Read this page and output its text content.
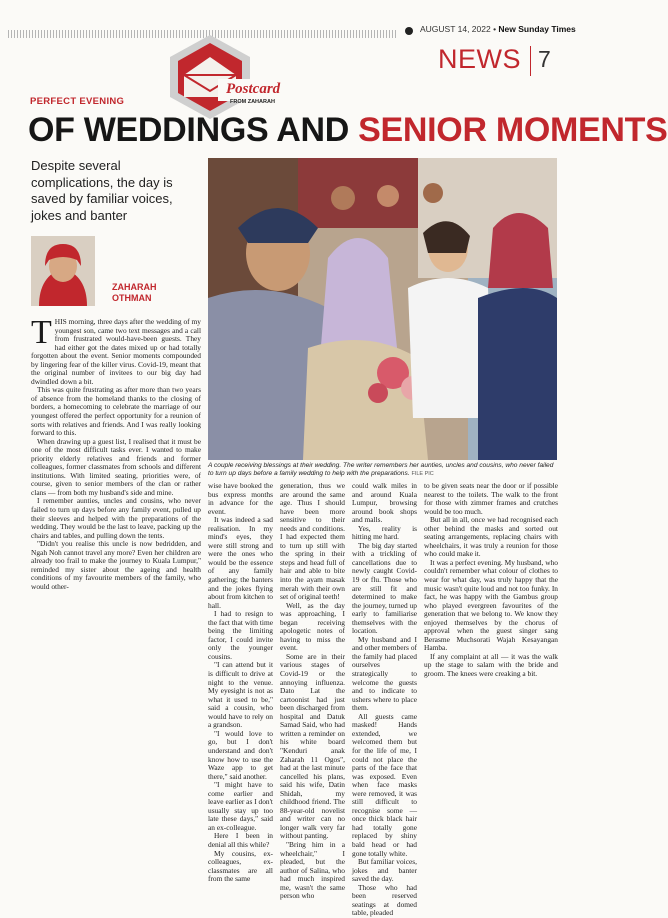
AUGUST 14, 2022 • New Sunday Times
NEWS 7
Postcard
FROM ZAHARAH
PERFECT EVENING
OF WEDDINGS AND SENIOR MOMENTS
Despite several complications, the day is saved by familiar voices, jokes and banter
A couple receiving blessings at their wedding. The writer remembers her aunties, uncles and cousins, who never failed to turn up days before a family wedding to help with the preparations. FILE PIC
ZAHARAH
OTHMAN

THIS morning, three days after the wedding of my youngest son, came two text messages and a call from frustrated would-have-been guests. They had either got the dates mixed up or had totally forgotten about the event. Senior moments compounded by lingering fear of the killer virus. Covid-19, meant that the original number of invitees to our big day had dwindled down a bit.

This was quite frustrating as after more than two years of absence from the homeland thanks to the closing of borders, a homecoming to celebrate the marriage of our youngest offered the perfect opportunity for a reunion of sorts with relatives and friends. And I was really looking forward to this.

When drawing up a guest list, I realised that it must be one of the most difficult tasks ever. I wanted to make priority elderly relatives and friends and former colleagues, former classmates from schools and different institutions. With limited seating, priorities were, of course, given to senior members of the clan or rather clans — from both my husband's side and mine.

I remember aunties, uncles and cousins, who never failed to turn up days before any family event, pulled up their sleeves and helped with the preparations of the wedding. They would be the last to leave, packing up the chairs and tables, and pulling down the tents.

"Didn't you realise this uncle is now bedridden, and Ngah Noh cannot travel any more? Even her children are already too frail to make the journey to Kuala Lumpur," reminded my sister about the ageing and health conditions of my favourite members of the family, who would other-

wise have booked the bus express months in advance for the event.

It was indeed a sad realisation. In my mind's eyes, they were still strong and were the ones who would be the essence of any family gathering; the banters and the jokes flying about from kitchen to hall.

I had to resign to the fact that with time being the limiting factor, I could invite only the younger cousins.

"I can attend but it is difficult to drive at night to the venue. My eyesight is not as what it used to be," said a cousin, who would have to rely on a grandson.

"I would love to go, but I don't understand and don't know how to use the Waze app to get there," said another.

"I might have to come earlier and leave earlier as I don't usually stay up too late these days," said an ex-colleague.

Here I been in denial all this while?

My cousins, ex-colleagues, ex-classmates are all from the same

generation, thus we are around the same age. Thus I should have been more sensitive to their needs and conditions. I had expected them to turn up still with the spring in their steps and head full of hair and able to bite into the ayam masak merah with their own set of original teeth!

Well, as the day was approaching, I began receiving apologetic notes of having to miss the event.

Some are in their various stages of Covid-19 or the annoying influenza. Dato Lat the cartoonist had just been discharged from hospital and Datuk Samad Said, who had written a reminder on his white board "Kenduri anak Zaharah 11 Ogos", had at the last minute cancelled his plans, said his wife, Datin Shidah, my childhood friend. The 88-year-old novelist and writer can no longer walk very far without panting.

"Bring him in a wheelchair," I pleaded, but the author of Salina, who had much inspired me, wasn't the same person who

could walk miles in and around Kuala Lumpur, browsing around book shops and malls.

Yes, reality is hitting me hard.

The big day started with a trickling of cancellations due to newly caught Covid-19 or flu. Those who are still fit and determined to make the journey, turned up early to familiarise themselves with the location.

My husband and I and other members of the family had placed ourselves strategically to welcome the guests and to indicate to ushers where to place them.

All guests came masked! Hands extended, we welcomed them but for the life of me, I could not place the parts of the face that was exposed. Even when face masks were removed, it was still difficult to recognise some — once thick black hair had totally gone replaced by shiny bald head or had gone totally white.

But familiar voices, jokes and banter saved the day.

Those who had been reserved seatings at domed table, pleaded

to be given seats near the door or if possible nearest to the toilets. The walk to the front for those with zimmer frames and crutches would be too much.

But all in all, once we had recognised each other behind the masks and sorted out seating arrangements, replacing chairs with wheelchairs, it was truly a reunion for those who could make it.

It was a perfect evening. My husband, who couldn't remember what colour of clothes to wear for what day, was truly happy that the music wasn't quite loud and not too funky. In fact, he was happy with the Gambus group who played evergreen favourites of the generation that we belong to. We know they enjoyed themselves by the chorus of approval when the guest singer sang Berasme Muchsorati Wajah Kesayangan Hamba.

If any complaint at all — it was the walk up the stage to salam with the bride and groom. The knees were creaking a bit.
